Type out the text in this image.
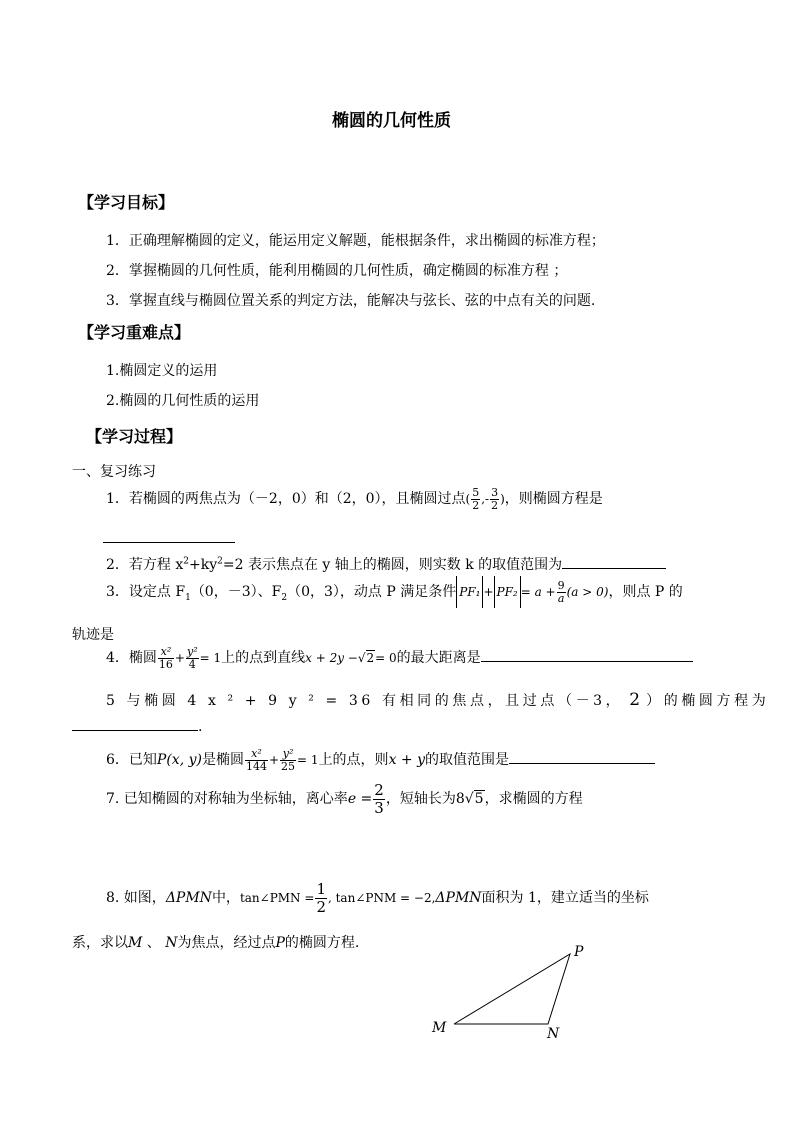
椭圆的几何性质
【学习目标】
1．正确理解椭圆的定义，能运用定义解题，能根据条件，求出椭圆的标准方程；
2．掌握椭圆的几何性质，能利用椭圆的几何性质，确定椭圆的标准方程 ；
3．掌握直线与椭圆位置关系的判定方法，能解决与弦长、弦的中点有关的问题.
【学习重难点】
1.椭圆定义的运用
2.椭圆的几何性质的运用
【学习过程】
一、复习练习
1．若椭圆的两焦点为（－2，0）和（2，0），且椭圆过点( $\frac{5}{2}$ ,- $\frac{3}{2}$ )，则椭圆方程是
2．若方程 $x^2+ky^2=2$ 表示焦点在 y 轴上的椭圆，则实数 k 的取值范围为
3．设定点 $F_1(0$，－3）、$F_2(0$，3），动点 P 满足条件 $PF_1 + PF_2 = a + \frac{9}{a} (a > 0)$，则点 P 的
轨迹是
4．椭圆 $\frac{\text{x²}}{16} + \frac{\text{y²}}{4} = 1$上的点到直线x + 2y −√2= 0的最大距离是
5 与椭圆 4 x ² + 9 y ² = 36 有相同的焦点，且过点（－3， 2 ）的椭圆方程为
.
6．已知P(x, y)是椭圆 $\frac{\text{x²}}{144} + \frac{\text{y²}}{25} = 1$上的点，则x + y的取值范围是
7. 已知椭圆的对称轴为坐标轴，离心率$e = \frac{2}{3}$ ，短轴长为8√5，求椭圆的方程
8. 如图，ΔPMN中，tan∠PMN = $\frac{1}{2}$ , tan∠PNM = −2,ΔPMN面积为 1，建立适当的坐标
系，求以M 、 N为焦点，经过点P的椭圆方程.
P
M	N
